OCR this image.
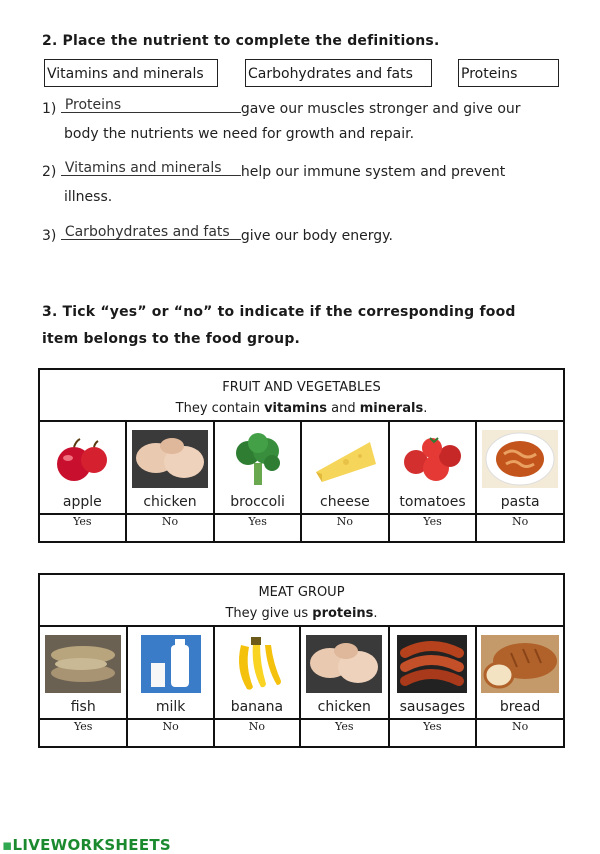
2. Place the nutrient to complete the definitions.
Vitamins and minerals	Carbohydrates and fats	Proteins
1) Proteins	gave our muscles stronger and give our
body the nutrients we need for growth and repair.
2) Vitamins and minerals help our immune system and prevent
illness.
3) Carbohydrates and fats give our body energy.
3. Tick “yes” or “no” to indicate if the corresponding food
item belongs to the food group.
FRUIT AND VEGETABLES
They contain vitamins and minerals.					

apple	chicken	broccoli	cheese	tomatoes	pasta

Yes	No	Yes	No	Yes	No
MEAT GROUP
They give us proteins.					

fish	milk	banana	chicken	sausages	bread

Yes	No	No	Yes	Yes	No
▪LIVEWORKSHEETS
